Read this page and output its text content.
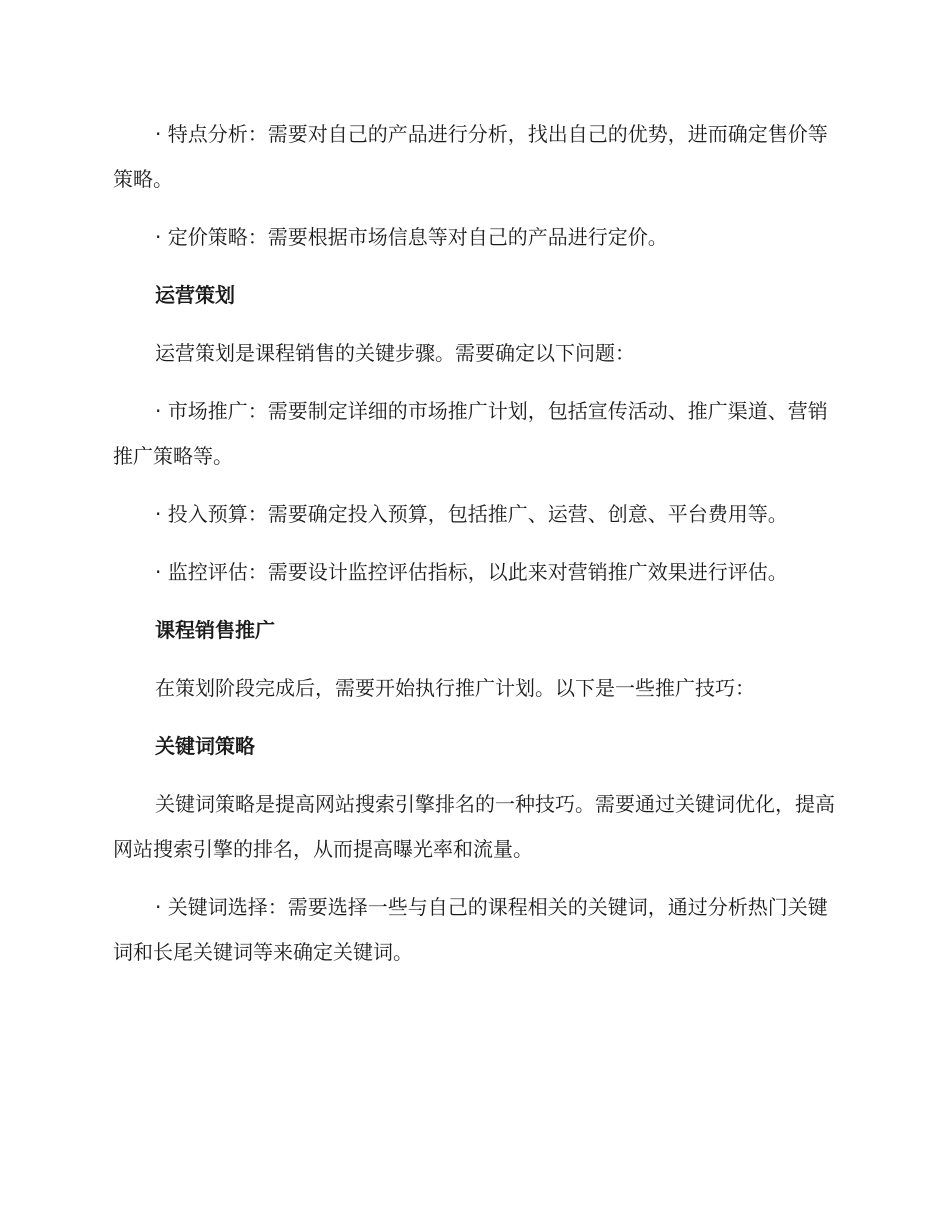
· 特点分析：需要对自己的产品进行分析，找出自己的优势，进而确定售价等策略。

· 定价策略：需要根据市场信息等对自己的产品进行定价。

运营策划

运营策划是课程销售的关键步骤。需要确定以下问题：

· 市场推广：需要制定详细的市场推广计划，包括宣传活动、推广渠道、营销推广策略等。

· 投入预算：需要确定投入预算，包括推广、运营、创意、平台费用等。

· 监控评估：需要设计监控评估指标，以此来对营销推广效果进行评估。

课程销售推广

在策划阶段完成后，需要开始执行推广计划。以下是一些推广技巧：

关键词策略

关键词策略是提高网站搜索引擎排名的一种技巧。需要通过关键词优化，提高网站搜索引擎的排名，从而提高曝光率和流量。

· 关键词选择：需要选择一些与自己的课程相关的关键词，通过分析热门关键词和长尾关键词等来确定关键词。
